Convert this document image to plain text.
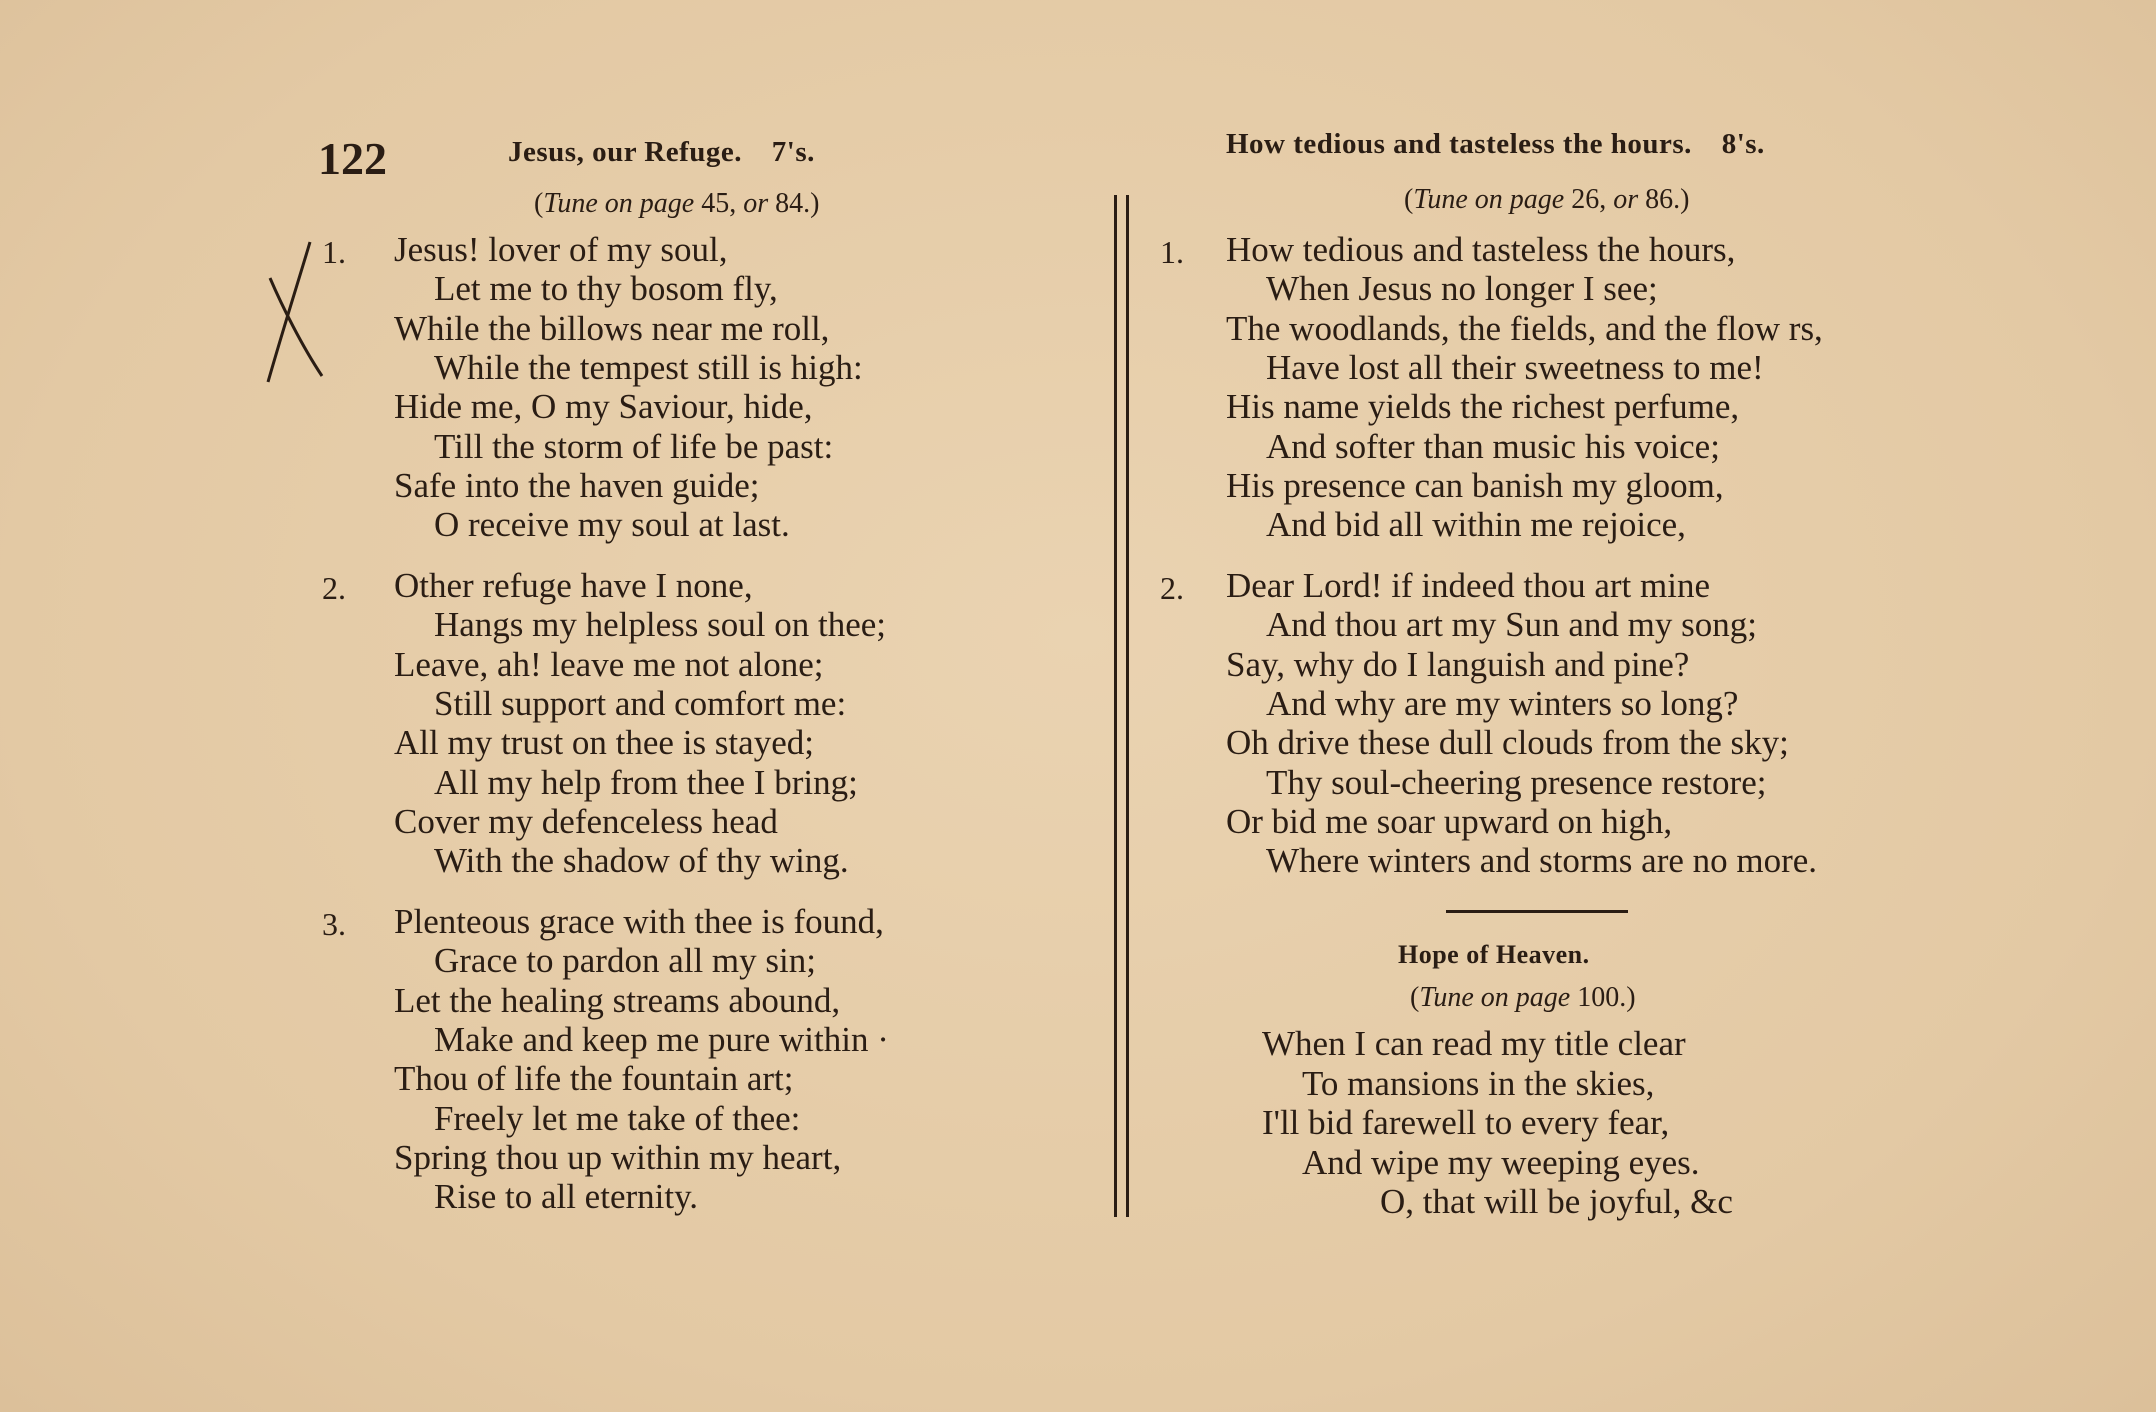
122	Jesus, our Refuge. 7's.

(Tune on page 45, or 84.)

1. Jesus! lover of my soul,

Let me to thy bosom fly,

While the billows near me roll,

While the tempest still is high:

Hide me, O my Saviour, hide,

Till the storm of life be past:

Safe into the haven guide;

O receive my soul at last.

2. Other refuge have I none,

Hangs my helpless soul on thee;

Leave, ah! leave me not alone;

Still support and comfort me:

All my trust on thee is stayed;

All my help from thee I bring;

Cover my defenceless head

With the shadow of thy wing.

3. Plenteous grace with thee is found,

Grace to pardon all my sin;

Let the healing streams abound,

Make and keep me pure within ·

Thou of life the fountain art;

Freely let me take of thee:

Spring thou up within my heart,

Rise to all eternity.

How tedious and tasteless the hours. 8's.

(Tune on page 26, or 86.)

1. How tedious and tasteless the hours,

When Jesus no longer I see;

The woodlands, the fields, and the flow rs,

Have lost all their sweetness to me!

His name yields the richest perfume,

And softer than music his voice;

His presence can banish my gloom,

And bid all within me rejoice,

2. Dear Lord! if indeed thou art mine

And thou art my Sun and my song;

Say, why do I languish and pine?

And why are my winters so long?

Oh drive these dull clouds from the sky;

Thy soul-cheering presence restore;

Or bid me soar upward on high,

Where winters and storms are no more.

Hope of Heaven.

(Tune on page 100.)

When I can read my title clear

To mansions in the skies,

I'll bid farewell to every fear,

And wipe my weeping eyes.

O, that will be joyful, &c
